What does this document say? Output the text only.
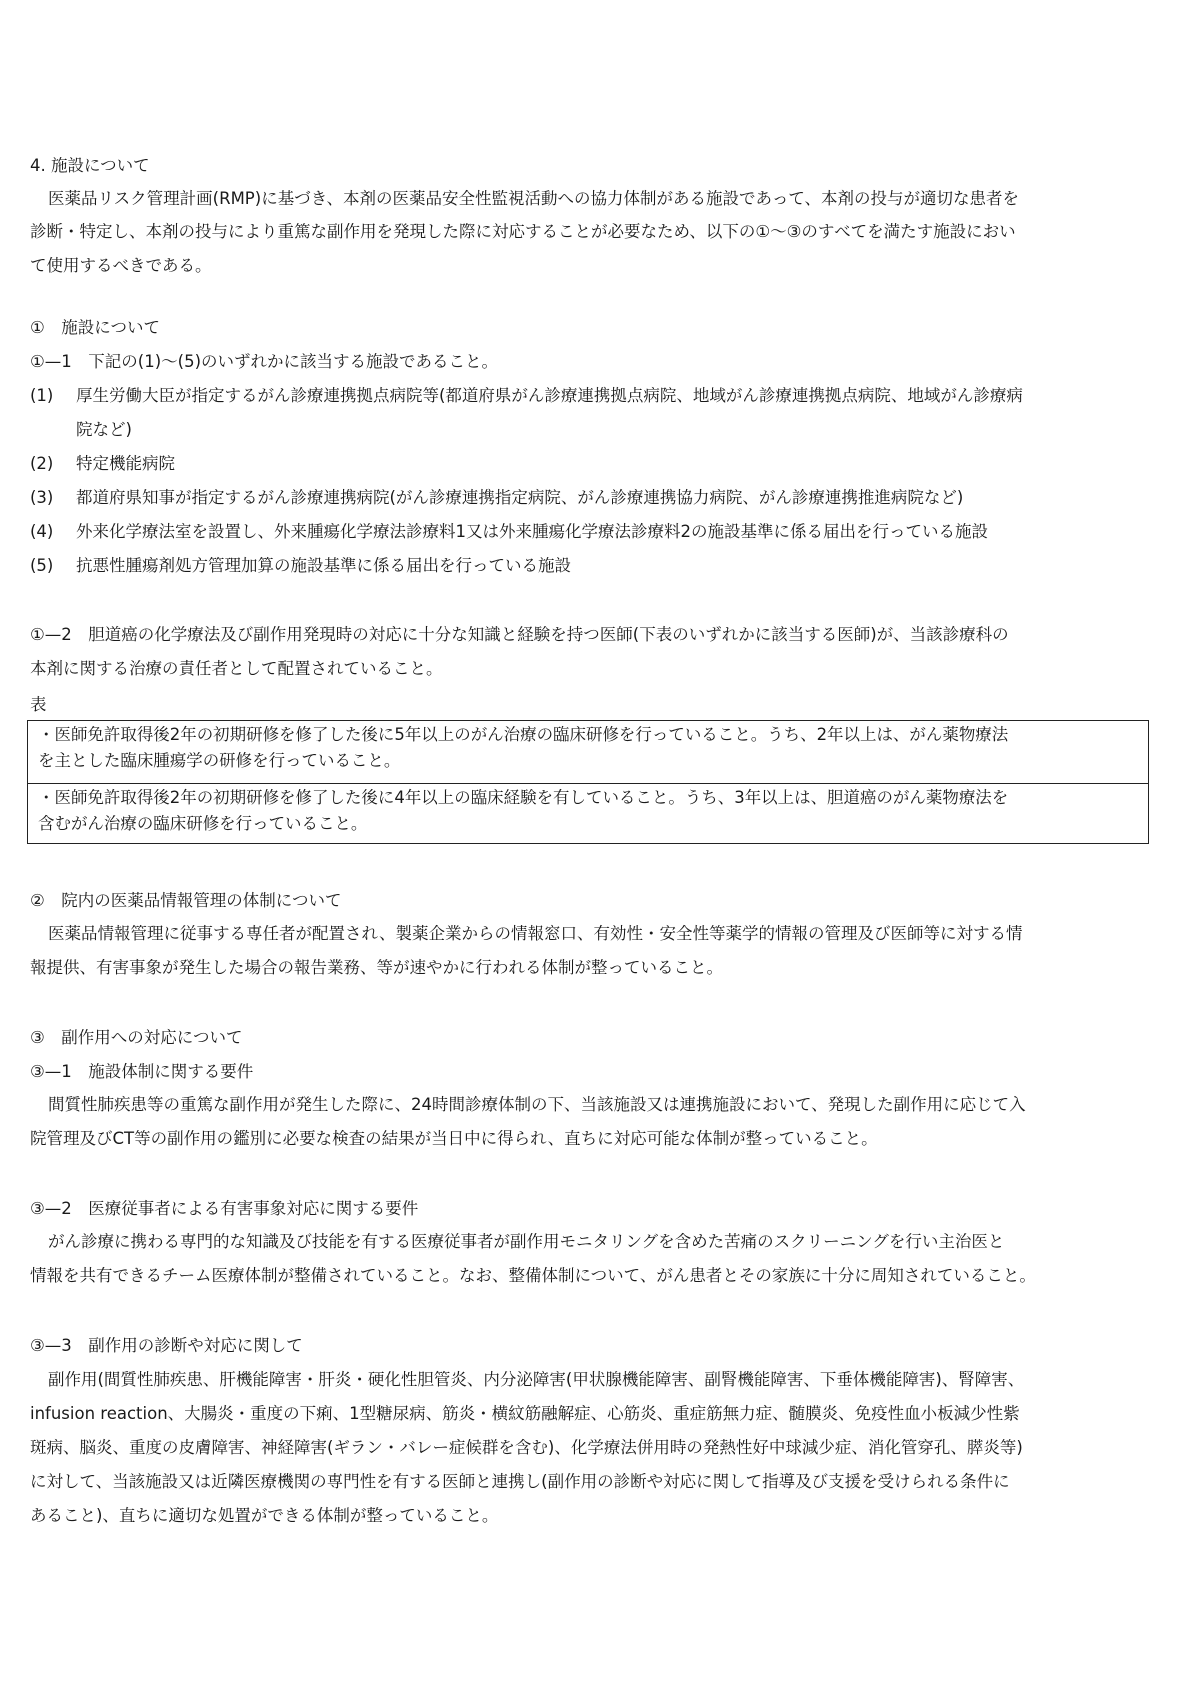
4. 施設について
医薬品リスク管理計画(RMP)に基づき、本剤の医薬品安全性監視活動への協力体制がある施設であって、本剤の投与が適切な患者を
診断・特定し、本剤の投与により重篤な副作用を発現した際に対応することが必要なため、以下の①〜③のすべてを満たす施設におい
て使用するべきである。
①　施設について
①—1　下記の(1)〜(5)のいずれかに該当する施設であること。
(1) 厚生労働大臣が指定するがん診療連携拠点病院等(都道府県がん診療連携拠点病院、地域がん診療連携拠点病院、地域がん診療病
院など)
(2) 特定機能病院
(3) 都道府県知事が指定するがん診療連携病院(がん診療連携指定病院、がん診療連携協力病院、がん診療連携推進病院など)
(4) 外来化学療法室を設置し、外来腫瘍化学療法診療料1又は外来腫瘍化学療法診療料2の施設基準に係る届出を行っている施設
(5) 抗悪性腫瘍剤処方管理加算の施設基準に係る届出を行っている施設
①—2　胆道癌の化学療法及び副作用発現時の対応に十分な知識と経験を持つ医師(下表のいずれかに該当する医師)が、当該診療科の
本剤に関する治療の責任者として配置されていること。
表
・医師免許取得後2年の初期研修を修了した後に5年以上のがん治療の臨床研修を行っていること。うち、2年以上は、がん薬物療法
を主とした臨床腫瘍学の研修を行っていること。
・医師免許取得後2年の初期研修を修了した後に4年以上の臨床経験を有していること。うち、3年以上は、胆道癌のがん薬物療法を
含むがん治療の臨床研修を行っていること。
②　院内の医薬品情報管理の体制について
医薬品情報管理に従事する専任者が配置され、製薬企業からの情報窓口、有効性・安全性等薬学的情報の管理及び医師等に対する情
報提供、有害事象が発生した場合の報告業務、等が速やかに行われる体制が整っていること。
③　副作用への対応について
③—1　施設体制に関する要件
間質性肺疾患等の重篤な副作用が発生した際に、24時間診療体制の下、当該施設又は連携施設において、発現した副作用に応じて入
院管理及びCT等の副作用の鑑別に必要な検査の結果が当日中に得られ、直ちに対応可能な体制が整っていること。
③—2　医療従事者による有害事象対応に関する要件
がん診療に携わる専門的な知識及び技能を有する医療従事者が副作用モニタリングを含めた苦痛のスクリーニングを行い主治医と
情報を共有できるチーム医療体制が整備されていること。なお、整備体制について、がん患者とその家族に十分に周知されていること。
③—3　副作用の診断や対応に関して
副作用(間質性肺疾患、肝機能障害・肝炎・硬化性胆管炎、内分泌障害(甲状腺機能障害、副腎機能障害、下垂体機能障害)、腎障害、
infusion reaction、大腸炎・重度の下痢、1型糖尿病、筋炎・横紋筋融解症、心筋炎、重症筋無力症、髄膜炎、免疫性血小板減少性紫
斑病、脳炎、重度の皮膚障害、神経障害(ギラン・バレー症候群を含む)、化学療法併用時の発熱性好中球減少症、消化管穿孔、膵炎等)
に対して、当該施設又は近隣医療機関の専門性を有する医師と連携し(副作用の診断や対応に関して指導及び支援を受けられる条件に
あること)、直ちに適切な処置ができる体制が整っていること。
